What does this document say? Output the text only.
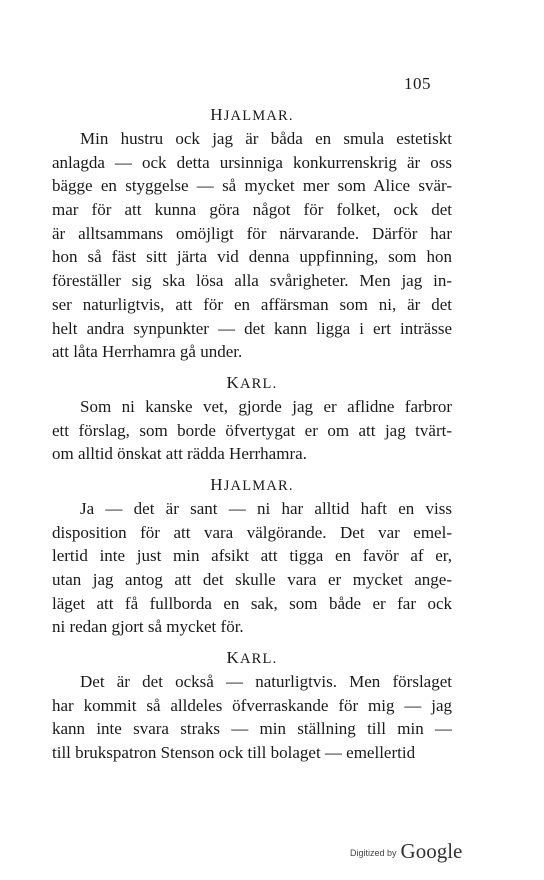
105
HJALMAR.
Min hustru ock jag är båda en smula estetiskt
anlagda — ock detta ursinniga konkurrenskrig är oss
bägge en styggelse — så mycket mer som Alice svär-
mar för att kunna göra något för folket, ock det
är alltsammans omöjligt för närvarande. Därför har
hon så fäst sitt järta vid denna uppfinning, som hon
föreställer sig ska lösa alla svårigheter. Men jag in-
ser naturligtvis, att för en affärsman som ni, är det
helt andra synpunkter — det kann ligga i ert inträsse
att låta Herrhamra gå under.
KARL.
Som ni kanske vet, gjorde jag er aflidne farbror
ett förslag, som borde öfvertygat er om att jag tvärt-
om alltid önskat att rädda Herrhamra.
HJALMAR.
Ja — det är sant — ni har alltid haft en viss
disposition för att vara välgörande. Det var emel-
lertid inte just min afsikt att tigga en favör af er,
utan jag antog att det skulle vara er mycket ange-
läget att få fullborda en sak, som både er far ock
ni redan gjort så mycket för.
KARL.
Det är det också — naturligtvis. Men förslaget
har kommit så alldeles öfverraskande för mig — jag
kann inte svara straks — min ställning till min —
till brukspatron Stenson ock till bolaget — emellertid
Digitized by Google
